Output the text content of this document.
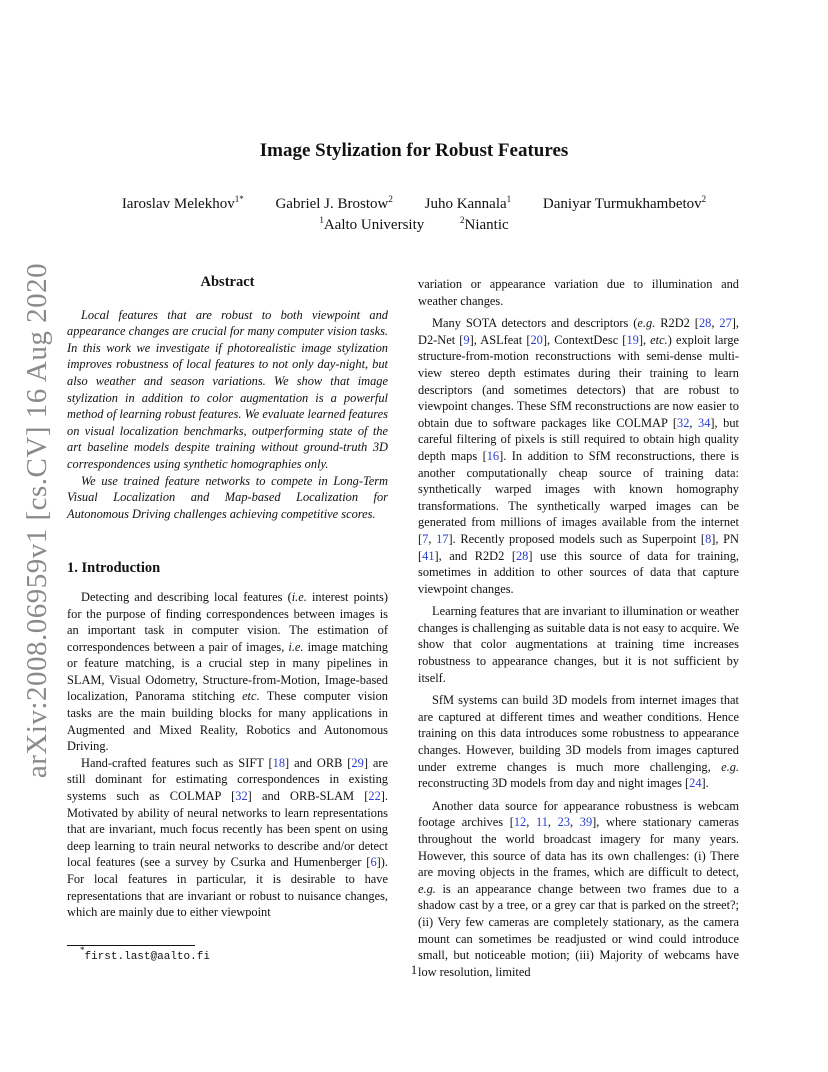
arXiv:2008.06959v1 [cs.CV] 16 Aug 2020
Image Stylization for Robust Features
Iaroslav Melekhov$^{1*}$ Gabriel J. Brostow$^2$ Juho Kannala$^1$ Daniyar Turmukhambetov$^2$
$^1$Aalto University	$^2$Niantic
Abstract

Local features that are robust to both viewpoint and appearance changes are crucial for many computer vision tasks. In this work we investigate if photorealistic image stylization improves robustness of local features to not only day-night, but also weather and season variations. We show that image stylization in addition to color augmentation is a powerful method of learning robust features. We evaluate learned features on visual localization benchmarks, outperforming state of the art baseline models despite training without ground-truth 3D correspondences using synthetic homographies only.

We use trained feature networks to compete in Long-Term Visual Localization and Map-based Localization for Autonomous Driving challenges achieving competitive scores.

1. Introduction

Detecting and describing local features (i.e. interest points) for the purpose of finding correspondences between images is an important task in computer vision. The estimation of correspondences between a pair of images, i.e. image matching or feature matching, is a crucial step in many pipelines in SLAM, Visual Odometry, Structure-from-Motion, Image-based localization, Panorama stitching etc. These computer vision tasks are the main building blocks for many applications in Augmented and Mixed Reality, Robotics and Autonomous Driving.

Hand-crafted features such as SIFT [18] and ORB [29] are still dominant for estimating correspondences in existing systems such as COLMAP [32] and ORB-SLAM [22]. Motivated by ability of neural networks to learn representations that are invariant, much focus recently has been spent on using deep learning to train neural networks to describe and/or detect local features (see a survey by Csurka and Humenberger [6]). For local features in particular, it is desirable to have representations that are invariant or robust to nuisance changes, which are mainly due to either viewpoint

variation or appearance variation due to illumination and weather changes.

Many SOTA detectors and descriptors (e.g. R2D2 [28, 27], D2-Net [9], ASLfeat [20], ContextDesc [19], etc.) exploit large structure-from-motion reconstructions with semi-dense multi-view stereo depth estimates during their training to learn descriptors (and sometimes detectors) that are robust to viewpoint changes. These SfM reconstructions are now easier to obtain due to software packages like COLMAP [32, 34], but careful filtering of pixels is still required to obtain high quality depth maps [16]. In addition to SfM reconstructions, there is another computationally cheap source of training data: synthetically warped images with known homography transformations. The synthetically warped images can be generated from millions of images available from the internet [7, 17]. Recently proposed models such as Superpoint [8], PN [41], and R2D2 [28] use this source of data for training, sometimes in addition to other sources of data that capture viewpoint changes.

Learning features that are invariant to illumination or weather changes is challenging as suitable data is not easy to acquire. We show that color augmentations at training time increases robustness to appearance changes, but it is not sufficient by itself.

SfM systems can build 3D models from internet images that are captured at different times and weather conditions. Hence training on this data introduces some robustness to appearance changes. However, building 3D models from images captured under extreme changes is much more challenging, e.g. reconstructing 3D models from day and night images [24].

Another data source for appearance robustness is webcam footage archives [12, 11, 23, 39], where stationary cameras throughout the world broadcast imagery for many years. However, this source of data has its own challenges: (i) There are moving objects in the frames, which are difficult to detect, e.g. is an appearance change between two frames due to a shadow cast by a tree, or a grey car that is parked on the street?; (ii) Very few cameras are completely stationary, as the camera mount can sometimes be readjusted or wind could introduce small, but noticeable motion; (iii) Majority of webcams have low resolution, limited

*first.last@aalto.fi
1
